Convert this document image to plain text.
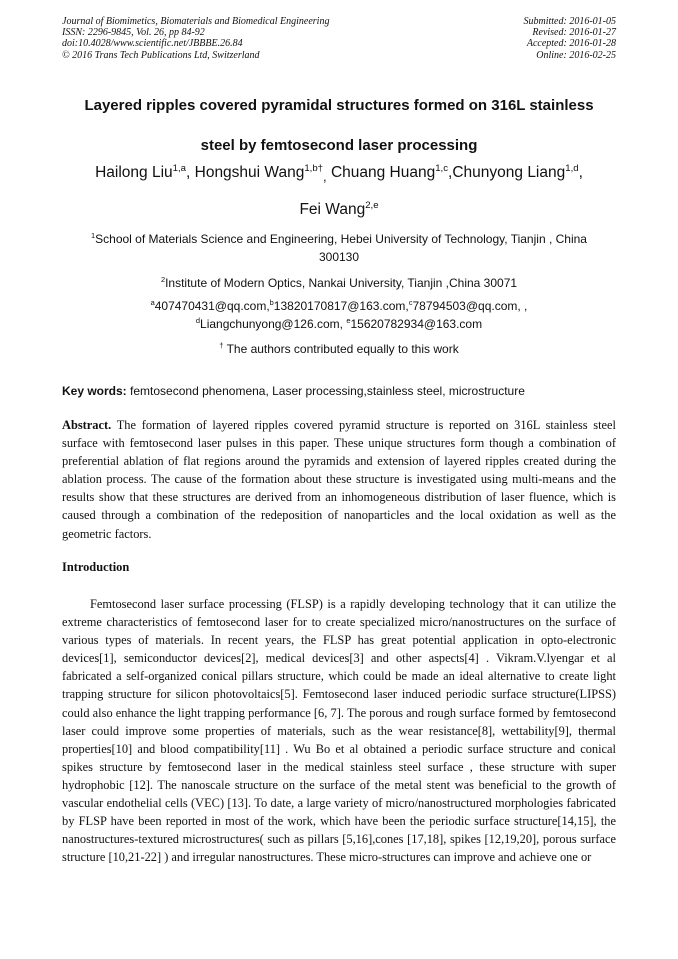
Journal of Biomimetics, Biomaterials and Biomedical Engineering
ISSN: 2296-9845, Vol. 26, pp 84-92
doi:10.4028/www.scientific.net/JBBBE.26.84
© 2016 Trans Tech Publications Ltd, Switzerland
Submitted: 2016-01-05
Revised: 2016-01-27
Accepted: 2016-01-28
Online: 2016-02-25
Layered ripples covered pyramidal structures formed on 316L stainless
steel by femtosecond laser processing
Hailong Liu$^{1,a}$, Hongshui Wang$^{1,b\dagger}_,$ Chuang Huang$^{1,c}$,Chunyong Liang$^{1,d}$,
Fei Wang$^{2,e}$
$^1$School of Materials Science and Engineering, Hebei University of Technology, Tianjin , China 300130
$^2$Institute of Modern Optics, Nankai University, Tianjin ,China 30071
$^a$407470431@qq.com,$^b$13820170817@163.com,$^c$78794503@qq.com, ,
$^d$Liangchunyong@126.com, $^e$15620782934@163.com
† The authors contributed equally to this work
Key words: femtosecond phenomena, Laser processing,stainless steel, microstructure
Abstract. The formation of layered ripples covered pyramid structure is reported on 316L stainless steel surface with femtosecond laser pulses in this paper. These unique structures form though a combination of preferential ablation of flat regions around the pyramids and extension of layered ripples created during the ablation process. The cause of the formation about these structure is investigated using multi-means and the results show that these structures are derived from an inhomogeneous distribution of laser fluence, which is caused through a combination of the redeposition of nanoparticles and the local oxidation as well as the geometric factors.
Introduction
Femtosecond laser surface processing (FLSP) is a rapidly developing technology that it can utilize the extreme characteristics of femtosecond laser for to create specialized micro/nanostructures on the surface of various types of materials. In recent years, the FLSP has great potential application in opto-electronic devices[1], semiconductor devices[2], medical devices[3] and other aspects[4] . Vikram.V.lyengar et al fabricated a self-organized conical pillars structure, which could be made an ideal alternative to create light trapping structure for silicon photovoltaics[5]. Femtosecond laser induced periodic surface structure(LIPSS) could also enhance the light trapping performance [6, 7]. The porous and rough surface formed by femtosecond laser could improve some properties of materials, such as the wear resistance[8], wettability[9], thermal properties[10] and blood compatibility[11] . Wu Bo et al obtained a periodic surface structure and conical spikes structure by femtosecond laser in the medical stainless steel surface , these structure with super hydrophobic [12]. The nanoscale structure on the surface of the metal stent was beneficial to the growth of vascular endothelial cells (VEC) [13]. To date, a large variety of micro/nanostructured morphologies fabricated by FLSP have been reported in most of the work, which have been the periodic surface structure[14,15], the nanostructures-textured microstructures( such as pillars [5,16],cones [17,18], spikes [12,19,20], porous surface structure [10,21-22] ) and irregular nanostructures. These micro-structures can improve and achieve one or
